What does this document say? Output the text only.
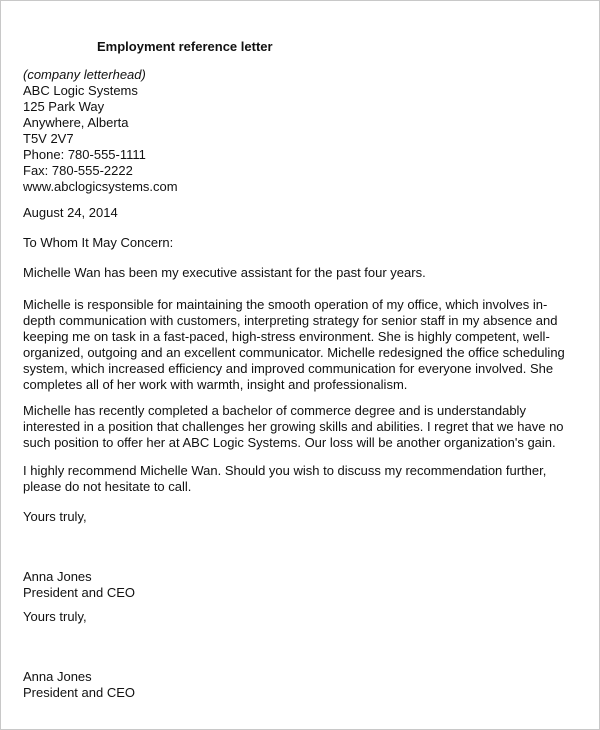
Employment reference letter
(company letterhead)
ABC Logic Systems
125 Park Way
Anywhere, Alberta
T5V 2V7
Phone: 780-555-1111
Fax: 780-555-2222
www.abclogicsystems.com
August 24, 2014
To Whom It May Concern:
Michelle Wan has been my executive assistant for the past four years.
Michelle is responsible for maintaining the smooth operation of my office, which involves in-
depth communication with customers, interpreting strategy for senior staff in my absence and
keeping me on task in a fast-paced, high-stress environment. She is highly competent, well-
organized, outgoing and an excellent communicator. Michelle redesigned the office scheduling
system, which increased efficiency and improved communication for everyone involved. She
completes all of her work with warmth, insight and professionalism.
Michelle has recently completed a bachelor of commerce degree and is understandably
interested in a position that challenges her growing skills and abilities. I regret that we have no
such position to offer her at ABC Logic Systems. Our loss will be another organization's gain.
I highly recommend Michelle Wan. Should you wish to discuss my recommendation further,
please do not hesitate to call.
Yours truly,
Anna Jones
President and CEO
Yours truly,
Anna Jones
President and CEO
